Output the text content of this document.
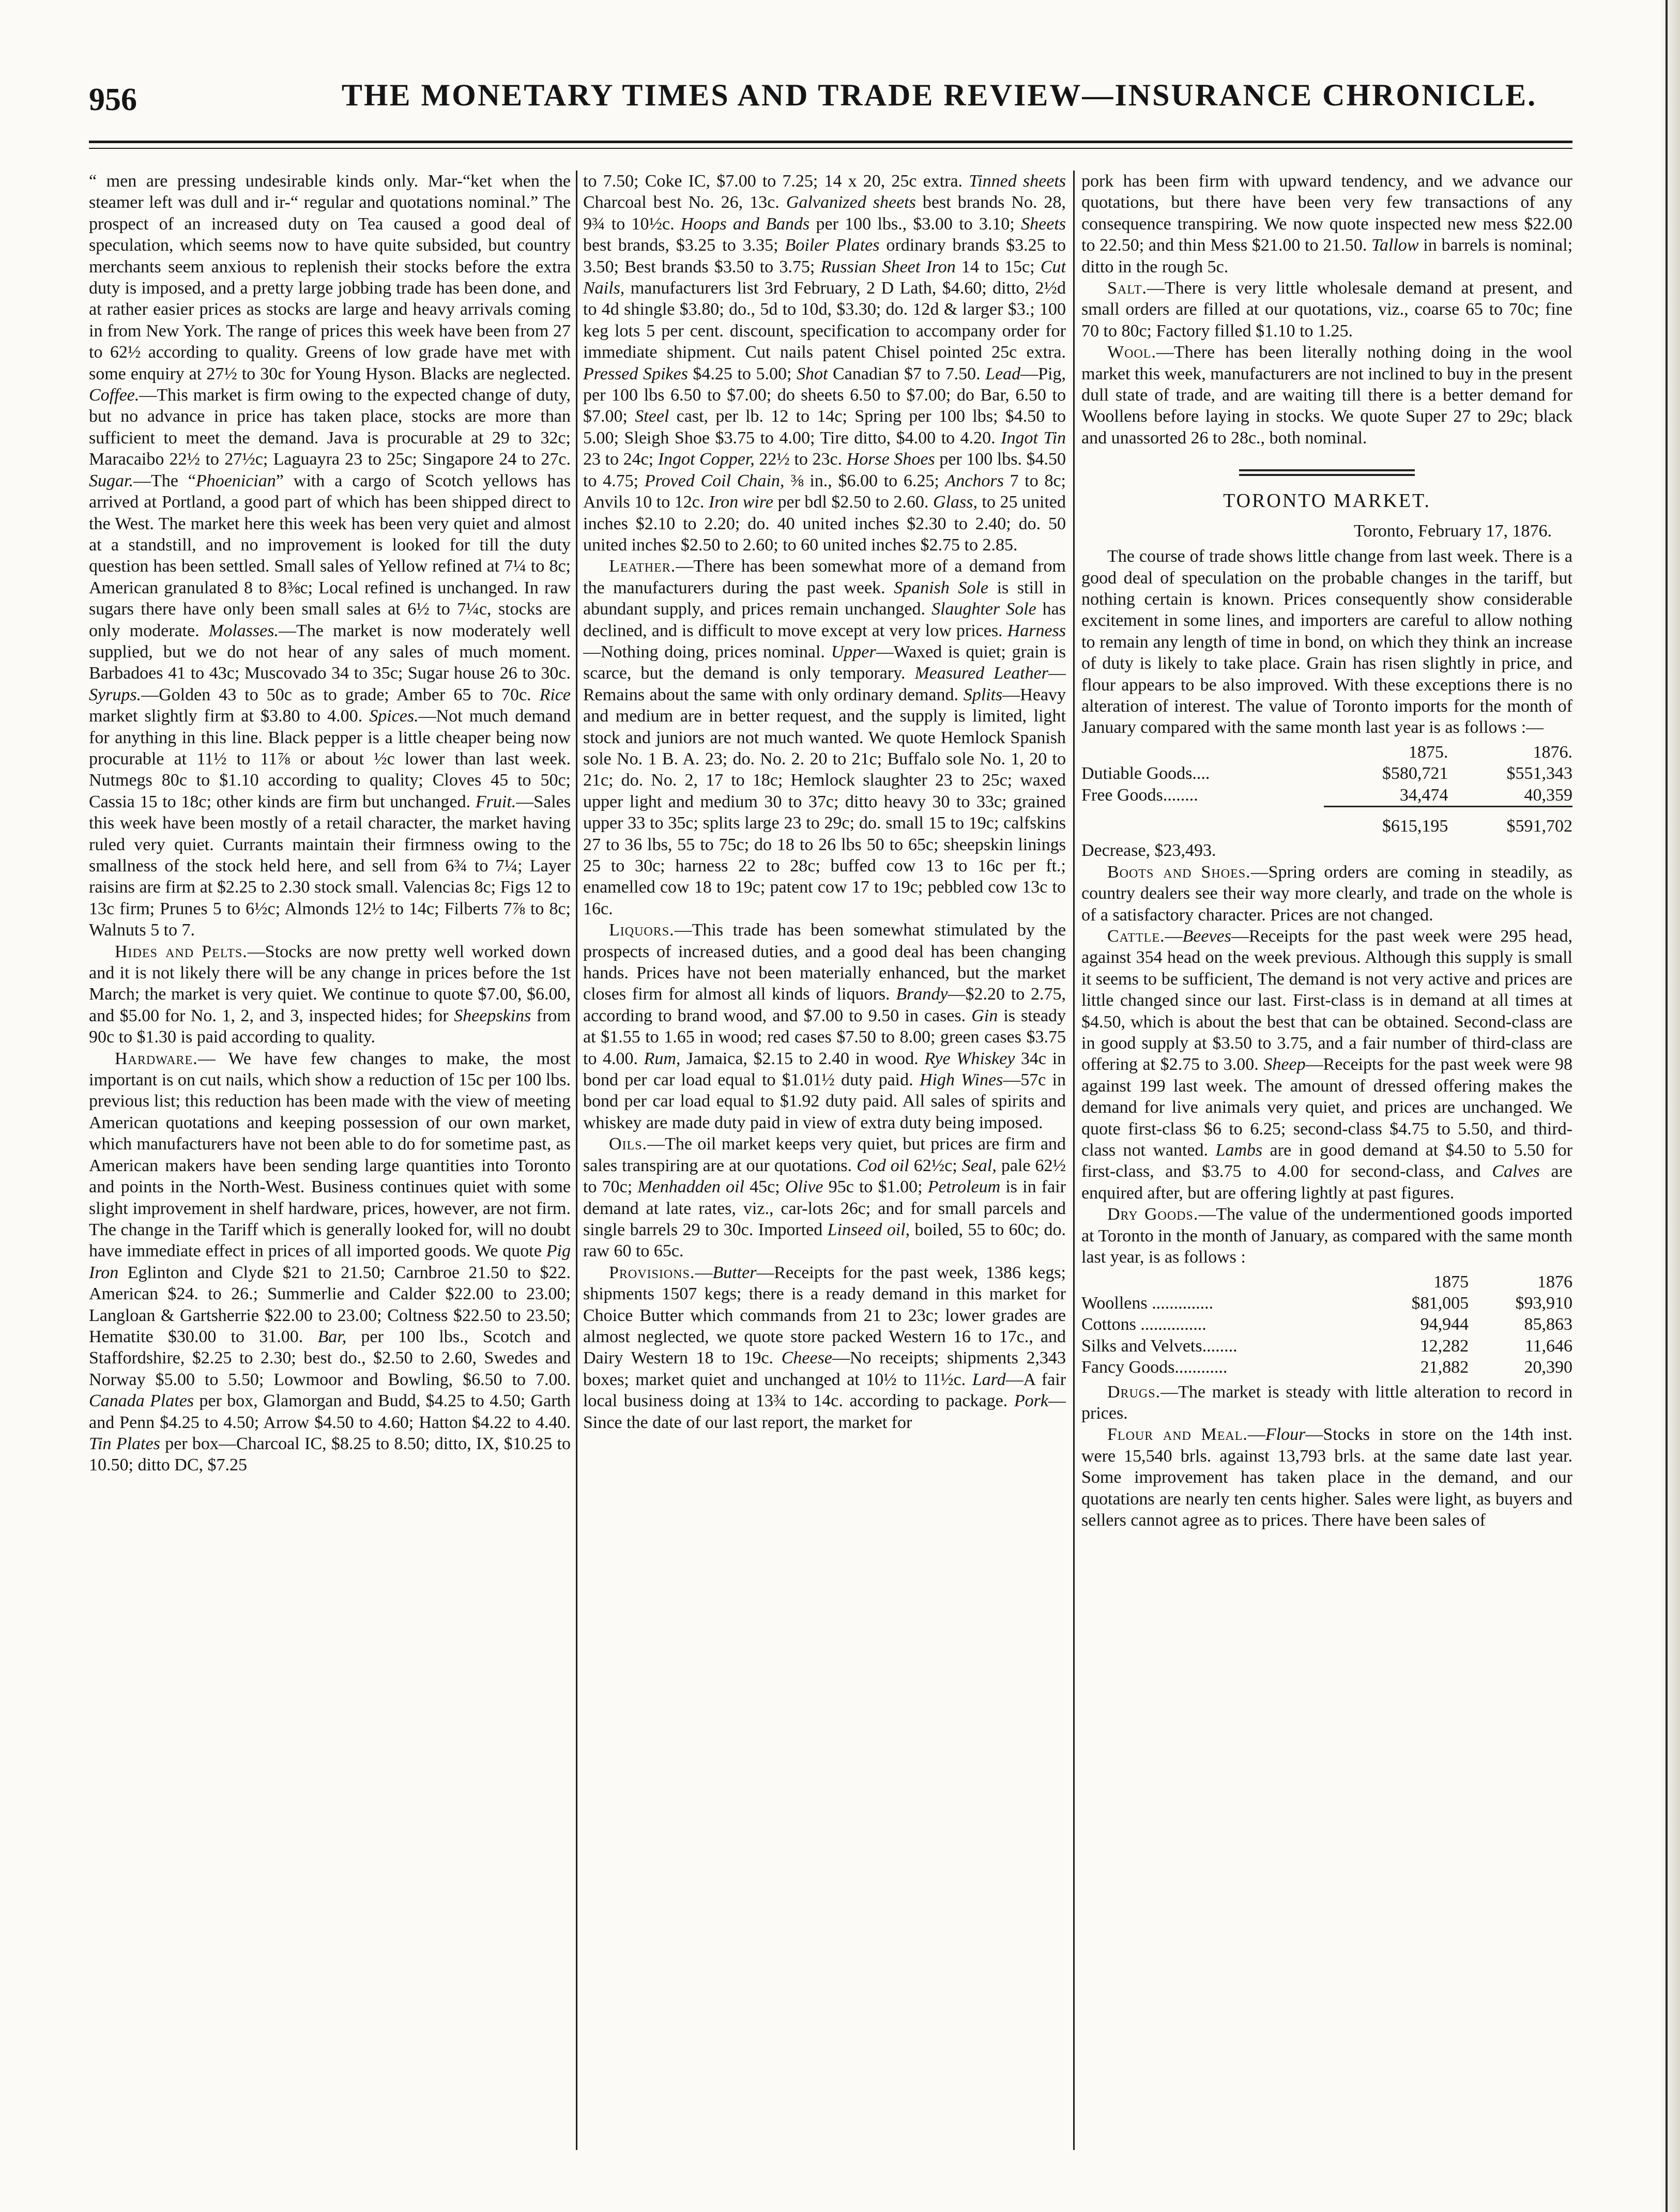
956	THE MONETARY TIMES AND TRADE REVIEW—INSURANCE CHRONICLE.

“ men are pressing undesirable kinds only. Mar-“ket when the steamer left was dull and ir-“ regular and quotations nominal.” The prospect of an increased duty on Tea caused a good deal of speculation, which seems now to have quite subsided, but country merchants seem anxious to replenish their stocks before the extra duty is imposed, and a pretty large jobbing trade has been done, and at rather easier prices as stocks are large and heavy arrivals coming in from New York. The range of prices this week have been from 27 to 62½ according to quality. Greens of low grade have met with some enquiry at 27½ to 30c for Young Hyson. Blacks are neglected. Coffee.—This market is firm owing to the expected change of duty, but no advance in price has taken place, stocks are more than sufficient to meet the demand. Java is procurable at 29 to 32c; Maracaibo 22½ to 27½c; Laguayra 23 to 25c; Singapore 24 to 27c. Sugar.—The “Phoenician” with a cargo of Scotch yellows has arrived at Portland, a good part of which has been shipped direct to the West. The market here this week has been very quiet and almost at a standstill, and no improvement is looked for till the duty question has been settled. Small sales of Yellow refined at 7¼ to 8c; American granulated 8 to 8⅜c; Local refined is unchanged. In raw sugars there have only been small sales at 6½ to 7¼c, stocks are only moderate. Molasses.—The market is now moderately well supplied, but we do not hear of any sales of much moment. Barbadoes 41 to 43c; Muscovado 34 to 35c; Sugar house 26 to 30c. Syrups.—Golden 43 to 50c as to grade; Amber 65 to 70c. Rice market slightly firm at $3.80 to 4.00. Spices.—Not much demand for anything in this line. Black pepper is a little cheaper being now procurable at 11½ to 11⅞ or about ½c lower than last week. Nutmegs 80c to $1.10 according to quality; Cloves 45 to 50c; Cassia 15 to 18c; other kinds are firm but unchanged. Fruit.—Sales this week have been mostly of a retail character, the market having ruled very quiet. Currants maintain their firmness owing to the smallness of the stock held here, and sell from 6¾ to 7¼; Layer raisins are firm at $2.25 to 2.30 stock small. Valencias 8c; Figs 12 to 13c firm; Prunes 5 to 6½c; Almonds 12½ to 14c; Filberts 7⅞ to 8c; Walnuts 5 to 7.

Hides and Pelts.—Stocks are now pretty well worked down and it is not likely there will be any change in prices before the 1st March; the market is very quiet. We continue to quote $7.00, $6.00, and $5.00 for No. 1, 2, and 3, inspected hides; for Sheepskins from 90c to $1.30 is paid according to quality.

Hardware.— We have few changes to make, the most important is on cut nails, which show a reduction of 15c per 100 lbs. previous list; this reduction has been made with the view of meeting American quotations and keeping possession of our own market, which manufacturers have not been able to do for sometime past, as American makers have been sending large quantities into Toronto and points in the North-West. Business continues quiet with some slight improvement in shelf hardware, prices, however, are not firm. The change in the Tariff which is generally looked for, will no doubt have immediate effect in prices of all imported goods. We quote Pig Iron Eglinton and Clyde $21 to 21.50; Carnbroe 21.50 to $22. American $24. to 26.; Summerlie and Calder $22.00 to 23.00; Langloan & Gartsherrie $22.00 to 23.00; Coltness $22.50 to 23.50; Hematite $30.00 to 31.00. Bar, per 100 lbs., Scotch and Staffordshire, $2.25 to 2.30; best do., $2.50 to 2.60, Swedes and Norway $5.00 to 5.50; Lowmoor and Bowling, $6.50 to 7.00. Canada Plates per box, Glamorgan and Budd, $4.25 to 4.50; Garth and Penn $4.25 to 4.50; Arrow $4.50 to 4.60; Hatton $4.22 to 4.40. Tin Plates per box—Charcoal IC, $8.25 to 8.50; ditto, IX, $10.25 to 10.50; ditto DC, $7.25

to 7.50; Coke IC, $7.00 to 7.25; 14 x 20, 25c extra. Tinned sheets Charcoal best No. 26, 13c. Galvanized sheets best brands No. 28, 9¾ to 10½c. Hoops and Bands per 100 lbs., $3.00 to 3.10; Sheets best brands, $3.25 to 3.35; Boiler Plates ordinary brands $3.25 to 3.50; Best brands $3.50 to 3.75; Russian Sheet Iron 14 to 15c; Cut Nails, manufacturers list 3rd February, 2 D Lath, $4.60; ditto, 2½d to 4d shingle $3.80; do., 5d to 10d, $3.30; do. 12d & larger $3.; 100 keg lots 5 per cent. discount, specification to accompany order for immediate shipment. Cut nails patent Chisel pointed 25c extra. Pressed Spikes $4.25 to 5.00; Shot Canadian $7 to 7.50. Lead—Pig, per 100 lbs 6.50 to $7.00; do sheets 6.50 to $7.00; do Bar, 6.50 to $7.00; Steel cast, per lb. 12 to 14c; Spring per 100 lbs; $4.50 to 5.00; Sleigh Shoe $3.75 to 4.00; Tire ditto, $4.00 to 4.20. Ingot Tin 23 to 24c; Ingot Copper, 22½ to 23c. Horse Shoes per 100 lbs. $4.50 to 4.75; Proved Coil Chain, ⅜ in., $6.00 to 6.25; Anchors 7 to 8c; Anvils 10 to 12c. Iron wire per bdl $2.50 to 2.60. Glass, to 25 united inches $2.10 to 2.20; do. 40 united inches $2.30 to 2.40; do. 50 united inches $2.50 to 2.60; to 60 united inches $2.75 to 2.85.

Leather.—There has been somewhat more of a demand from the manufacturers during the past week. Spanish Sole is still in abundant supply, and prices remain unchanged. Slaughter Sole has declined, and is difficult to move except at very low prices. Harness—Nothing doing, prices nominal. Upper—Waxed is quiet; grain is scarce, but the demand is only temporary. Measured Leather—Remains about the same with only ordinary demand. Splits—Heavy and medium are in better request, and the supply is limited, light stock and juniors are not much wanted. We quote Hemlock Spanish sole No. 1 B. A. 23; do. No. 2. 20 to 21c; Buffalo sole No. 1, 20 to 21c; do. No. 2, 17 to 18c; Hemlock slaughter 23 to 25c; waxed upper light and medium 30 to 37c; ditto heavy 30 to 33c; grained upper 33 to 35c; splits large 23 to 29c; do. small 15 to 19c; calfskins 27 to 36 lbs, 55 to 75c; do 18 to 26 lbs 50 to 65c; sheepskin linings 25 to 30c; harness 22 to 28c; buffed cow 13 to 16c per ft.; enamelled cow 18 to 19c; patent cow 17 to 19c; pebbled cow 13c to 16c.

Liquors.—This trade has been somewhat stimulated by the prospects of increased duties, and a good deal has been changing hands. Prices have not been materially enhanced, but the market closes firm for almost all kinds of liquors. Brandy—$2.20 to 2.75, according to brand wood, and $7.00 to 9.50 in cases. Gin is steady at $1.55 to 1.65 in wood; red cases $7.50 to 8.00; green cases $3.75 to 4.00. Rum, Jamaica, $2.15 to 2.40 in wood. Rye Whiskey 34c in bond per car load equal to $1.01½ duty paid. High Wines—57c in bond per car load equal to $1.92 duty paid. All sales of spirits and whiskey are made duty paid in view of extra duty being imposed.

Oils.—The oil market keeps very quiet, but prices are firm and sales transpiring are at our quotations. Cod oil 62½c; Seal, pale 62½ to 70c; Menhadden oil 45c; Olive 95c to $1.00; Petroleum is in fair demand at late rates, viz., car-lots 26c; and for small parcels and single barrels 29 to 30c. Imported Linseed oil, boiled, 55 to 60c; do. raw 60 to 65c.

Provisions.—Butter—Receipts for the past week, 1386 kegs; shipments 1507 kegs; there is a ready demand in this market for Choice Butter which commands from 21 to 23c; lower grades are almost neglected, we quote store packed Western 16 to 17c., and Dairy Western 18 to 19c. Cheese—No receipts; shipments 2,343 boxes; market quiet and unchanged at 10½ to 11½c. Lard—A fair local business doing at 13¾ to 14c. according to package. Pork—Since the date of our last report, the market for

pork has been firm with upward tendency, and we advance our quotations, but there have been very few transactions of any consequence transpiring. We now quote inspected new mess $22.00 to 22.50; and thin Mess $21.00 to 21.50. Tallow in barrels is nominal; ditto in the rough 5c.

Salt.—There is very little wholesale demand at present, and small orders are filled at our quotations, viz., coarse 65 to 70c; fine 70 to 80c; Factory filled $1.10 to 1.25.

Wool.—There has been literally nothing doing in the wool market this week, manufacturers are not inclined to buy in the present dull state of trade, and are waiting till there is a better demand for Woollens before laying in stocks. We quote Super 27 to 29c; black and unassorted 26 to 28c., both nominal.

TORONTO MARKET.

Toronto, February 17, 1876.

The course of trade shows little change from last week. There is a good deal of speculation on the probable changes in the tariff, but nothing certain is known. Prices consequently show considerable excitement in some lines, and importers are careful to allow nothing to remain any length of time in bond, on which they think an increase of duty is likely to take place. Grain has risen slightly in price, and flour appears to be also improved. With these exceptions there is no alteration of interest. The value of Toronto imports for the month of January compared with the same month last year is as follows :—

	1875.	1876.
Dutiable Goods....	$580,721	$551,343
Free Goods........	34,474	40,359
	$615,195	$591,702

Decrease, $23,493.

Boots and Shoes.—Spring orders are coming in steadily, as country dealers see their way more clearly, and trade on the whole is of a satisfactory character. Prices are not changed.

Cattle.—Beeves—Receipts for the past week were 295 head, against 354 head on the week previous. Although this supply is small it seems to be sufficient, The demand is not very active and prices are little changed since our last. First-class is in demand at all times at $4.50, which is about the best that can be obtained. Second-class are in good supply at $3.50 to 3.75, and a fair number of third-class are offering at $2.75 to 3.00. Sheep—Receipts for the past week were 98 against 199 last week. The amount of dressed offering makes the demand for live animals very quiet, and prices are unchanged. We quote first-class $6 to 6.25; second-class $4.75 to 5.50, and third-class not wanted. Lambs are in good demand at $4.50 to 5.50 for first-class, and $3.75 to 4.00 for second-class, and Calves are enquired after, but are offering lightly at past figures.

Dry Goods.—The value of the undermentioned goods imported at Toronto in the month of January, as compared with the same month last year, is as follows :

	1875	1876
Woollens ..............	$81,005	$93,910
Cottons ...............	94,944	85,863
Silks and Velvets........	12,282	11,646
Fancy Goods............	21,882	20,390

Drugs.—The market is steady with little alteration to record in prices.

Flour and Meal.—Flour—Stocks in store on the 14th inst. were 15,540 brls. against 13,793 brls. at the same date last year. Some improvement has taken place in the demand, and our quotations are nearly ten cents higher. Sales were light, as buyers and sellers cannot agree as to prices. There have been sales of
